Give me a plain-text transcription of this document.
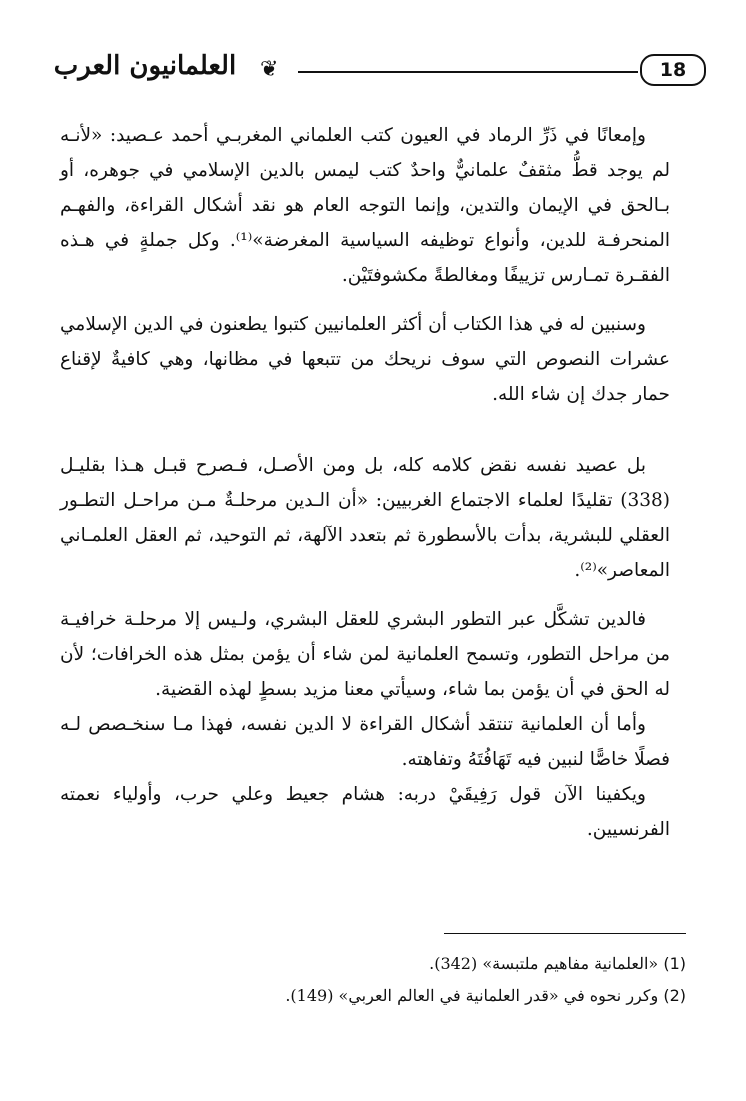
18
❦
العلمانيون العرب

وإمعانًا في ذَرِّ الرماد في العيون كتب العلماني المغربـي أحمد عـصيد: «لأنـه لم يوجد قطُّ مثقفٌ علمانيٌّ واحدٌ كتب ليمس بالدين الإسلامي في جوهره، أو بـالحق في الإيمان والتدين، وإنما التوجه العام هو نقد أشكال القراءة، والفهـم المنحرفـة للدين، وأنواع توظيفه السياسية المغرضة»⁽¹⁾. وكل جملةٍ في هـذه الفقـرة تمـارس تزييفًا ومغالطةً مكشوفتَيْن.

وسنبين له في هذا الكتاب أن أكثر العلمانيين كتبوا يطعنون في الدين الإسلامي عشرات النصوص التي سوف نريحك من تتبعها في مظانها، وهي كافيةٌ لإقناع حمار جدك إن شاء الله.

بل عصيد نفسه نقض كلامه كله، بل ومن الأصـل، فـصرح قبـل هـذا بقليـل (338) تقليدًا لعلماء الاجتماع الغربيين: «أن الـدين مرحلـةٌ مـن مراحـل التطـور العقلي للبشرية، بدأت بالأسطورة ثم بتعدد الآلهة، ثم التوحيد، ثم العقل العلمـاني المعاصر»⁽²⁾.

فالدين تشكَّل عبر التطور البشري للعقل البشري، ولـيس إلا مرحلـة خرافيـة من مراحل التطور، وتسمح العلمانية لمن شاء أن يؤمن بمثل هذه الخرافات؛ لأن له الحق في أن يؤمن بما شاء، وسيأتي معنا مزيد بسطٍ لهذه القضية.

وأما أن العلمانية تنتقد أشكال القراءة لا الدين نفسه، فهذا مـا سنخـصص لـه فصلًا خاصًّا لنبين فيه تَهَافُتَهُ وتفاهته.

ويكفينا الآن قول رَفِيقَيْ دربه: هشام جعيط وعلي حرب، وأولياء نعمته الفرنسيين.

(1) «العلمانية مفاهيم ملتبسة» (342).
(2) وكرر نحوه في «قدر العلمانية في العالم العربي» (149).
